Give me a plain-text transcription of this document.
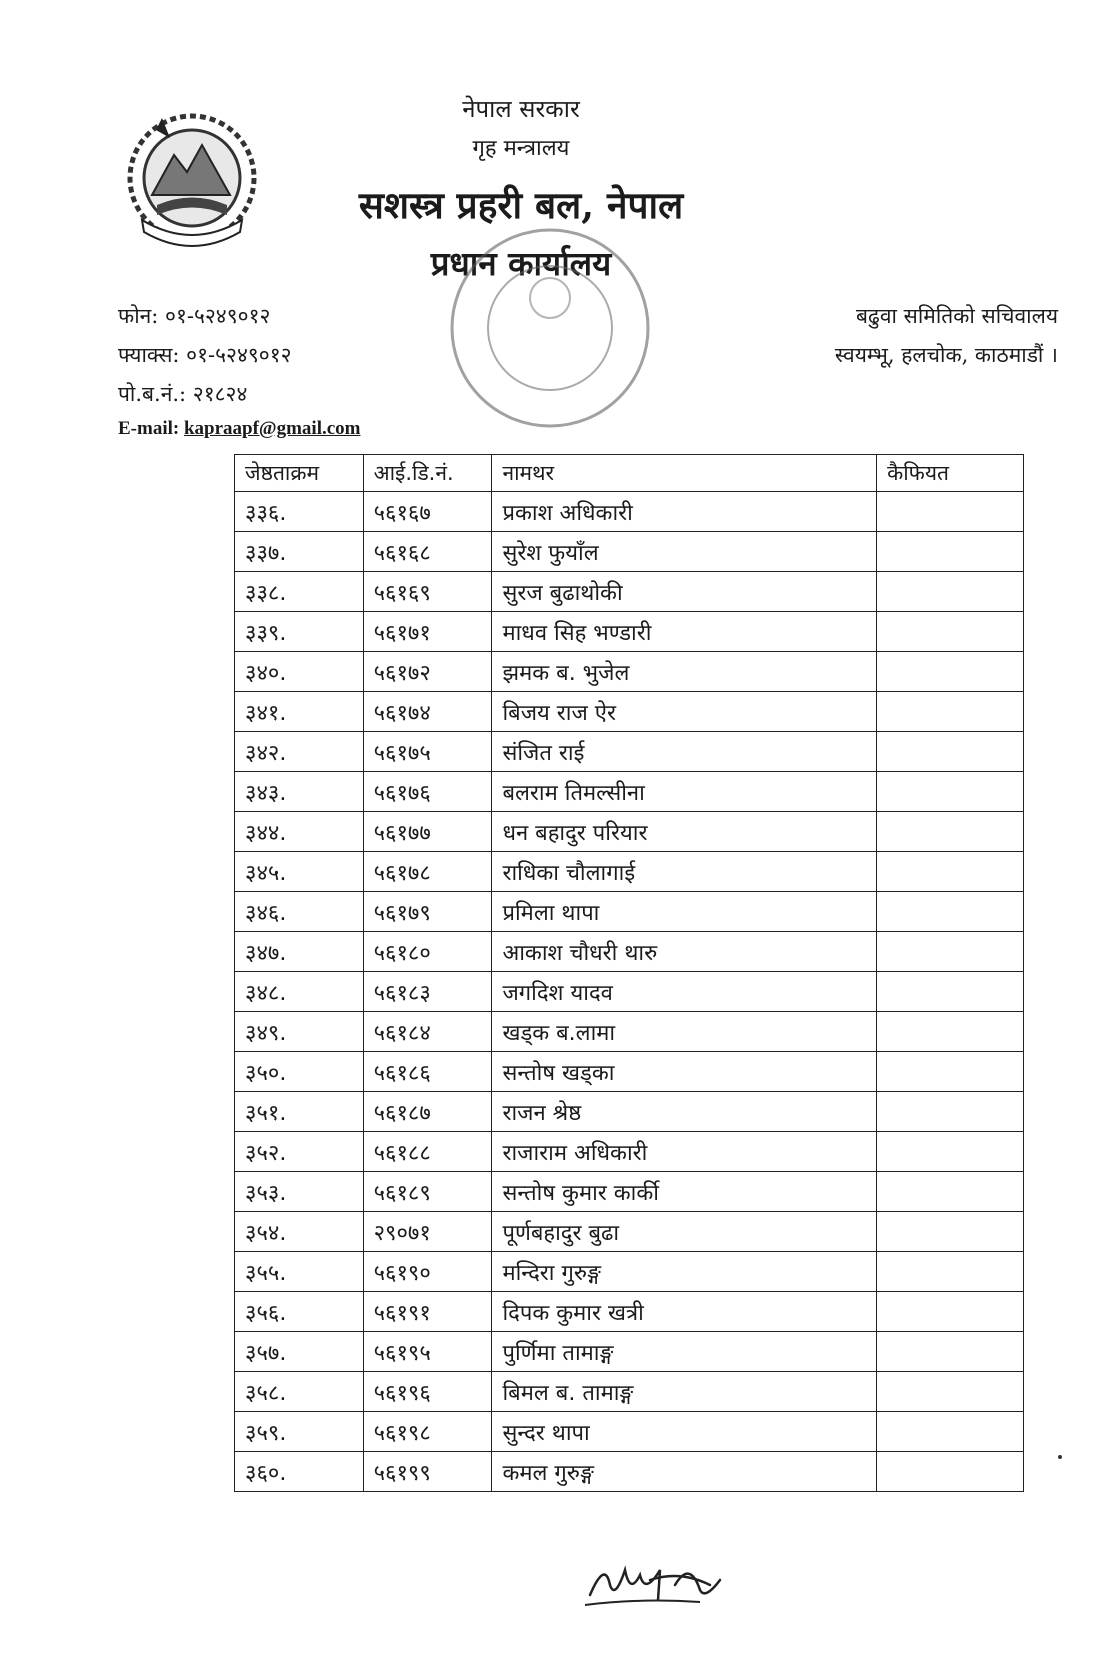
नेपाल सरकार
गृह मन्त्रालय
सशस्त्र प्रहरी बल, नेपाल
प्रधान कार्यालय
फोन: ०१-५२४९०१२
फ्याक्स: ०१-५२४९०१२
पो.ब.नं.: २१८२४
E-mail: kapraapf@gmail.com
बढुवा समितिको सचिवालय
स्वयम्भू, हलचोक, काठमाडौं ।
जेष्ठताक्रम	आई.डि.नं.	नामथर	कैफियत
३३६.	५६१६७	प्रकाश अधिकारी	
३३७.	५६१६८	सुरेश फुयाँल	
३३८.	५६१६९	सुरज बुढाथोकी	
३३९.	५६१७१	माधव सिह भण्डारी	
३४०.	५६१७२	झमक ब. भुजेल	
३४१.	५६१७४	बिजय राज ऐर	
३४२.	५६१७५	संजित राई	
३४३.	५६१७६	बलराम तिमल्सीना	
३४४.	५६१७७	धन बहादुर परियार	
३४५.	५६१७८	राधिका चौलागाई	
३४६.	५६१७९	प्रमिला थापा	
३४७.	५६१८०	आकाश चौधरी थारु	
३४८.	५६१८३	जगदिश यादव	
३४९.	५६१८४	खड्क ब.लामा	
३५०.	५६१८६	सन्तोष खड्का	
३५१.	५६१८७	राजन श्रेष्ठ	
३५२.	५६१८८	राजाराम अधिकारी	
३५३.	५६१८९	सन्तोष कुमार कार्की	
३५४.	२९०७१	पूर्णबहादुर बुढा	
३५५.	५६१९०	मन्दिरा गुरुङ्ग	
३५६.	५६१९१	दिपक कुमार खत्री	
३५७.	५६१९५	पुर्णिमा तामाङ्ग	
३५८.	५६१९६	बिमल ब. तामाङ्ग	
३५९.	५६१९८	सुन्दर थापा	
३६०.	५६१९९	कमल गुरुङ्ग	
